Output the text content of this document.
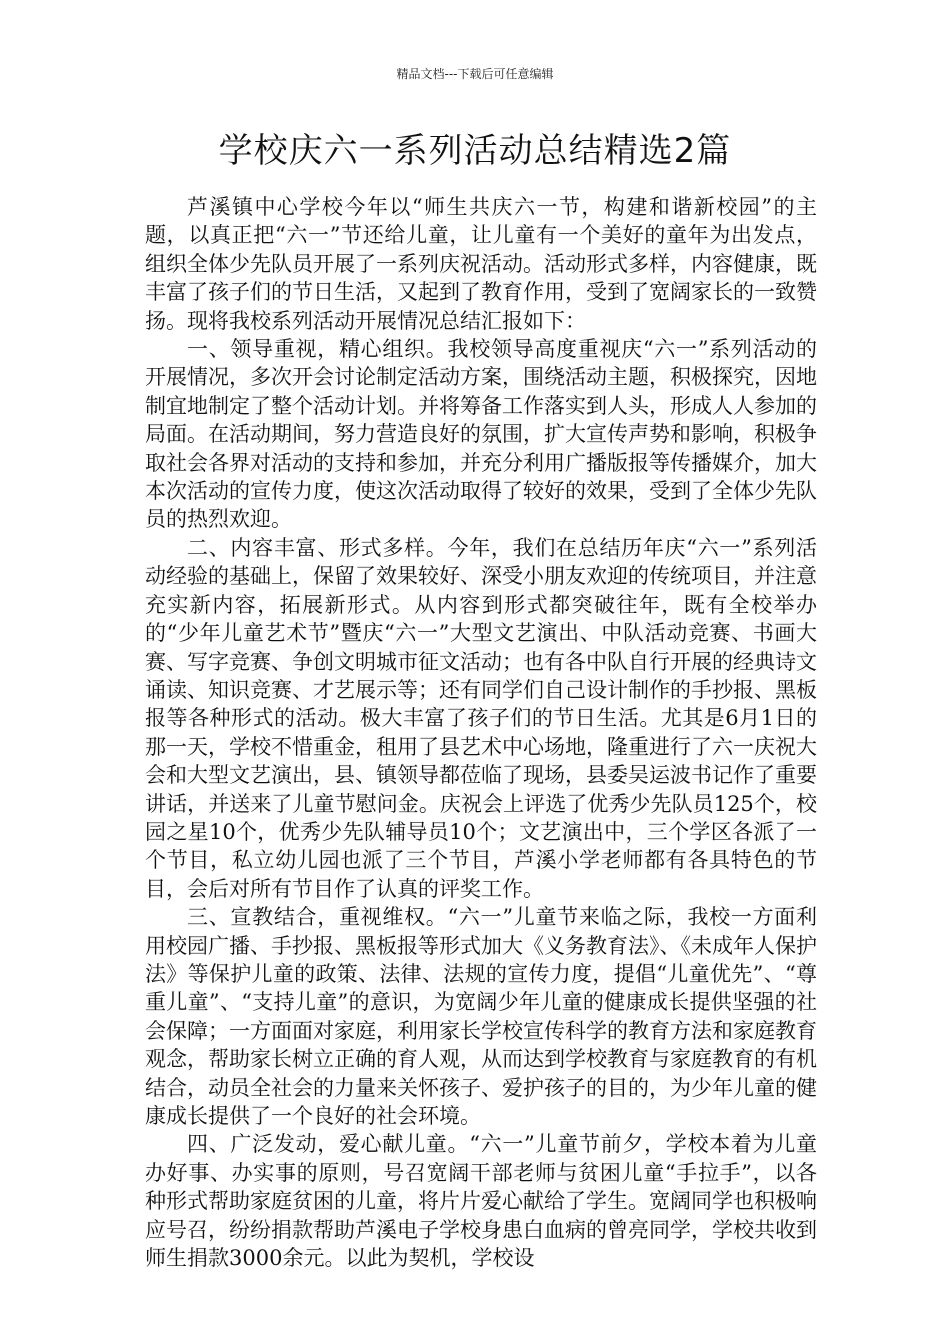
精品文档---下载后可任意编辑
学校庆六一系列活动总结精选2篇

芦溪镇中心学校今年以“师生共庆六一节，构建和谐新校园”的主题，以真正把“六一”节还给儿童，让儿童有一个美好的童年为出发点，组织全体少先队员开展了一系列庆祝活动。活动形式多样，内容健康，既丰富了孩子们的节日生活，又起到了教育作用，受到了宽阔家长的一致赞扬。现将我校系列活动开展情况总结汇报如下：

一、领导重视，精心组织。我校领导高度重视庆“六一”系列活动的开展情况，多次开会讨论制定活动方案，围绕活动主题，积极探究，因地制宜地制定了整个活动计划。并将筹备工作落实到人头，形成人人参加的局面。在活动期间，努力营造良好的氛围，扩大宣传声势和影响，积极争取社会各界对活动的支持和参加，并充分利用广播版报等传播媒介，加大本次活动的宣传力度，使这次活动取得了较好的效果，受到了全体少先队员的热烈欢迎。

二、内容丰富、形式多样。今年，我们在总结历年庆“六一”系列活动经验的基础上，保留了效果较好、深受小朋友欢迎的传统项目，并注意充实新内容，拓展新形式。从内容到形式都突破往年，既有全校举办的“少年儿童艺术节”暨庆“六一”大型文艺演出、中队活动竞赛、书画大赛、写字竞赛、争创文明城市征文活动；也有各中队自行开展的经典诗文诵读、知识竞赛、才艺展示等；还有同学们自己设计制作的手抄报、黑板报等各种形式的活动。极大丰富了孩子们的节日生活。尤其是6月1日的那一天，学校不惜重金，租用了县艺术中心场地，隆重进行了六一庆祝大会和大型文艺演出，县、镇领导都莅临了现场，县委吴运波书记作了重要讲话，并送来了儿童节慰问金。庆祝会上评选了优秀少先队员125个，校园之星10个，优秀少先队辅导员10个；文艺演出中，三个学区各派了一个节目，私立幼儿园也派了三个节目，芦溪小学老师都有各具特色的节目，会后对所有节目作了认真的评奖工作。

三、宣教结合，重视维权。“六一”儿童节来临之际，我校一方面利用校园广播、手抄报、黑板报等形式加大《义务教育法》、《未成年人保护法》等保护儿童的政策、法律、法规的宣传力度，提倡“儿童优先”、“尊重儿童”、“支持儿童”的意识，为宽阔少年儿童的健康成长提供坚强的社会保障；一方面面对家庭，利用家长学校宣传科学的教育方法和家庭教育观念，帮助家长树立正确的育人观，从而达到学校教育与家庭教育的有机结合，动员全社会的力量来关怀孩子、爱护孩子的目的，为少年儿童的健康成长提供了一个良好的社会环境。

四、广泛发动，爱心献儿童。“六一”儿童节前夕，学校本着为儿童办好事、办实事的原则，号召宽阔干部老师与贫困儿童“手拉手”，以各种形式帮助家庭贫困的儿童，将片片爱心献给了学生。宽阔同学也积极响应号召，纷纷捐款帮助芦溪电子学校身患白血病的曾亮同学，学校共收到师生捐款3000余元。以此为契机，学校设
